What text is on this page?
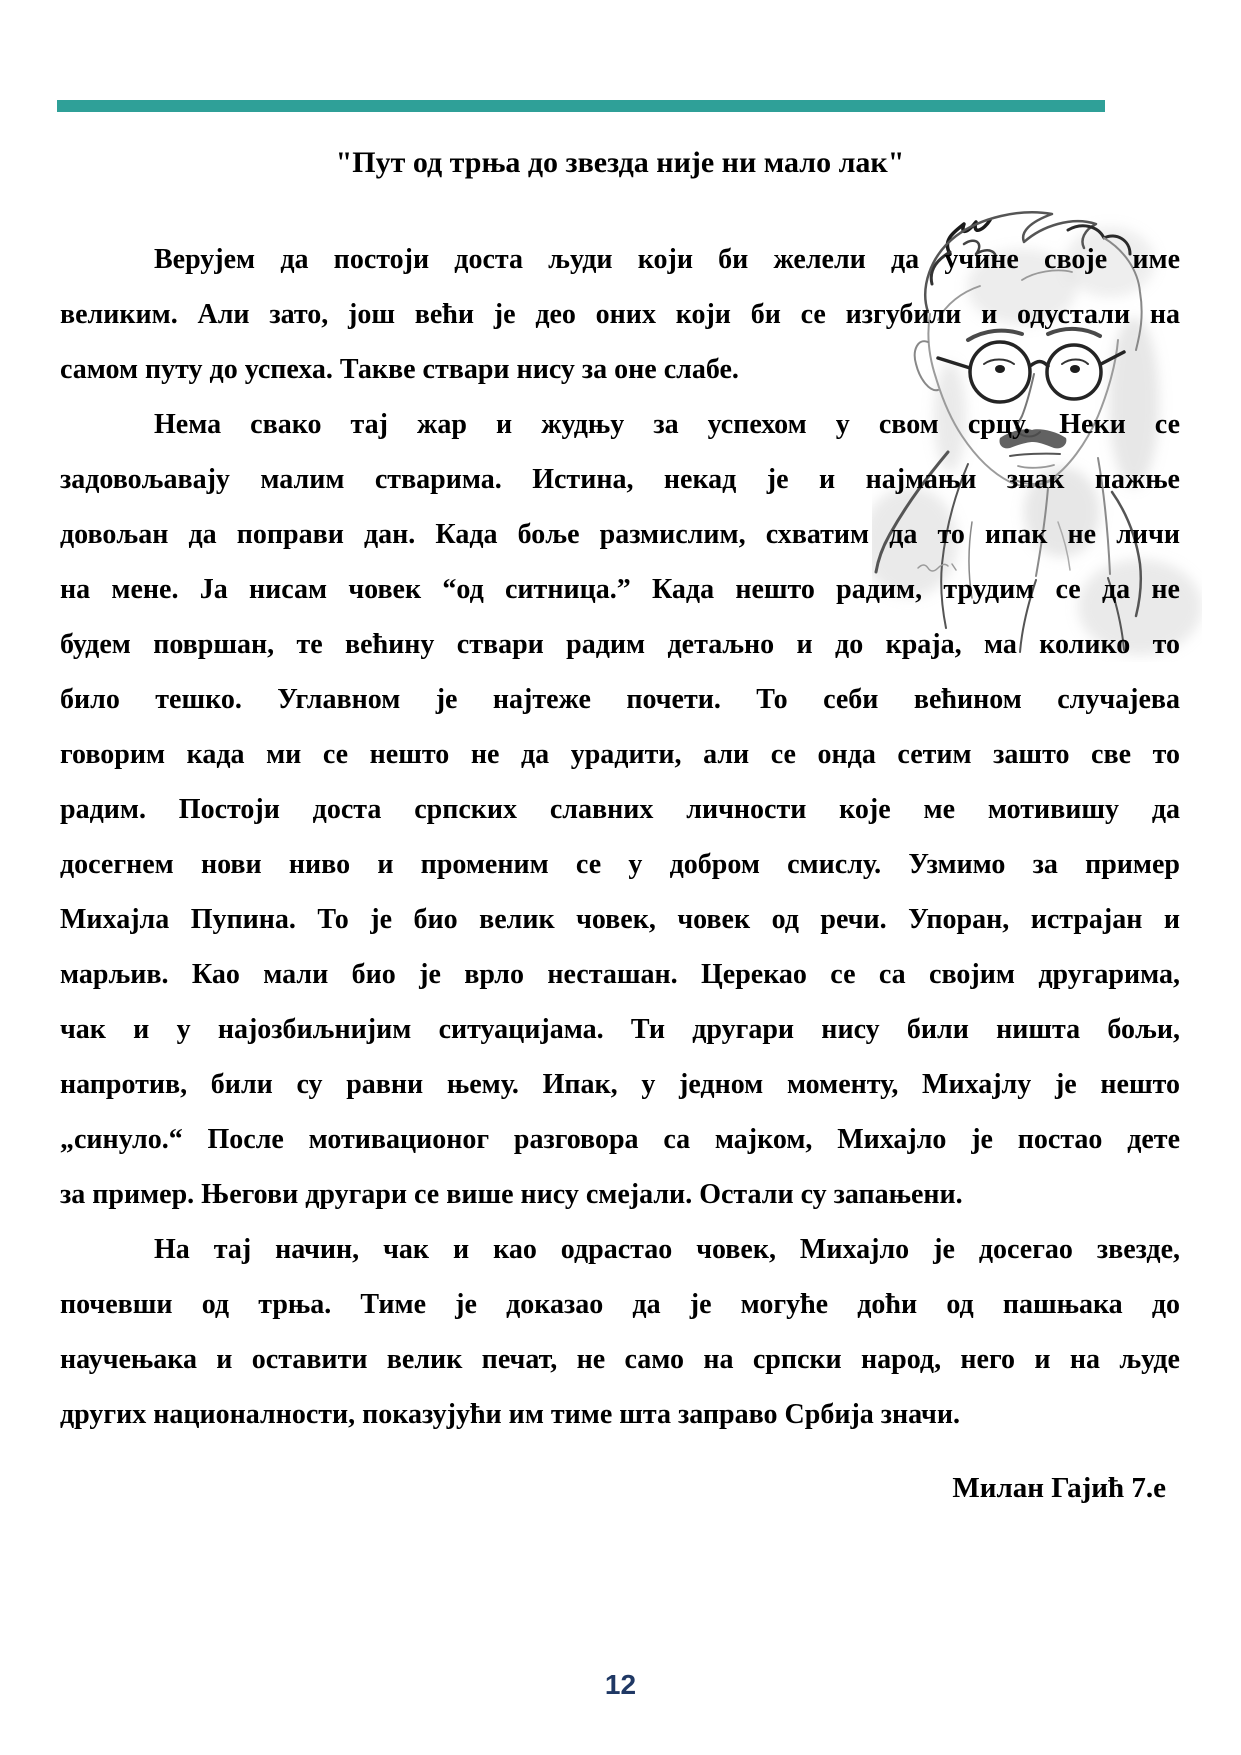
"Пут од трња до звезда није ни мало лак"
Верујем да постоји доста људи који би желели да учине своје име
великим. Али зато, још већи је део оних који би се изгубили и одустали на
самом путу до успеха. Такве ствари нису за оне слабе.
Нема свако тај жар и жудњу за успехом у свом срцу. Неки се
задовољавају малим стварима. Истина, некад је и најмањи знак пажње
довољан да поправи дан. Када боље размислим, схватим да то ипак не личи
на мене. Ја нисам човек “од ситница.” Када нешто радим, трудим се да не
будем површан, те већину ствари радим детаљно и до краја, ма колико то
било тешко. Углавном је најтеже почети. То себи већином случајева
говорим када ми се нешто не да урадити, али се онда сетим зашто све то
радим. Постоји доста српских славних личности које ме мотивишу да
досегнем нови ниво и променим се у добром смислу. Узмимо за пример
Михајла Пупина. То је био велик човек, човек од речи. Упоран, истрајан и
марљив. Као мали био је врло несташан. Церекао се са својим другарима,
чак и у најозбиљнијим ситуацијама. Ти другари нису били ништа бољи,
напротив, били су равни њему. Ипак, у једном моменту, Михајлу је нешто
„синуло.“ После мотивационог разговора са мајком, Михајло је постао дете
за пример. Његови другари се више нису смејали. Остали су запањени.
На тај начин, чак и као одрастао човек, Михајло је досегао звезде,
почевши од трња. Тиме је доказао да је могуће доћи од пашњака до
научењака и оставити велик печат, не само на српски народ, него и на људе
других националности, показујући им тиме шта заправо Србија значи.
Милан Гајић 7.е
12
